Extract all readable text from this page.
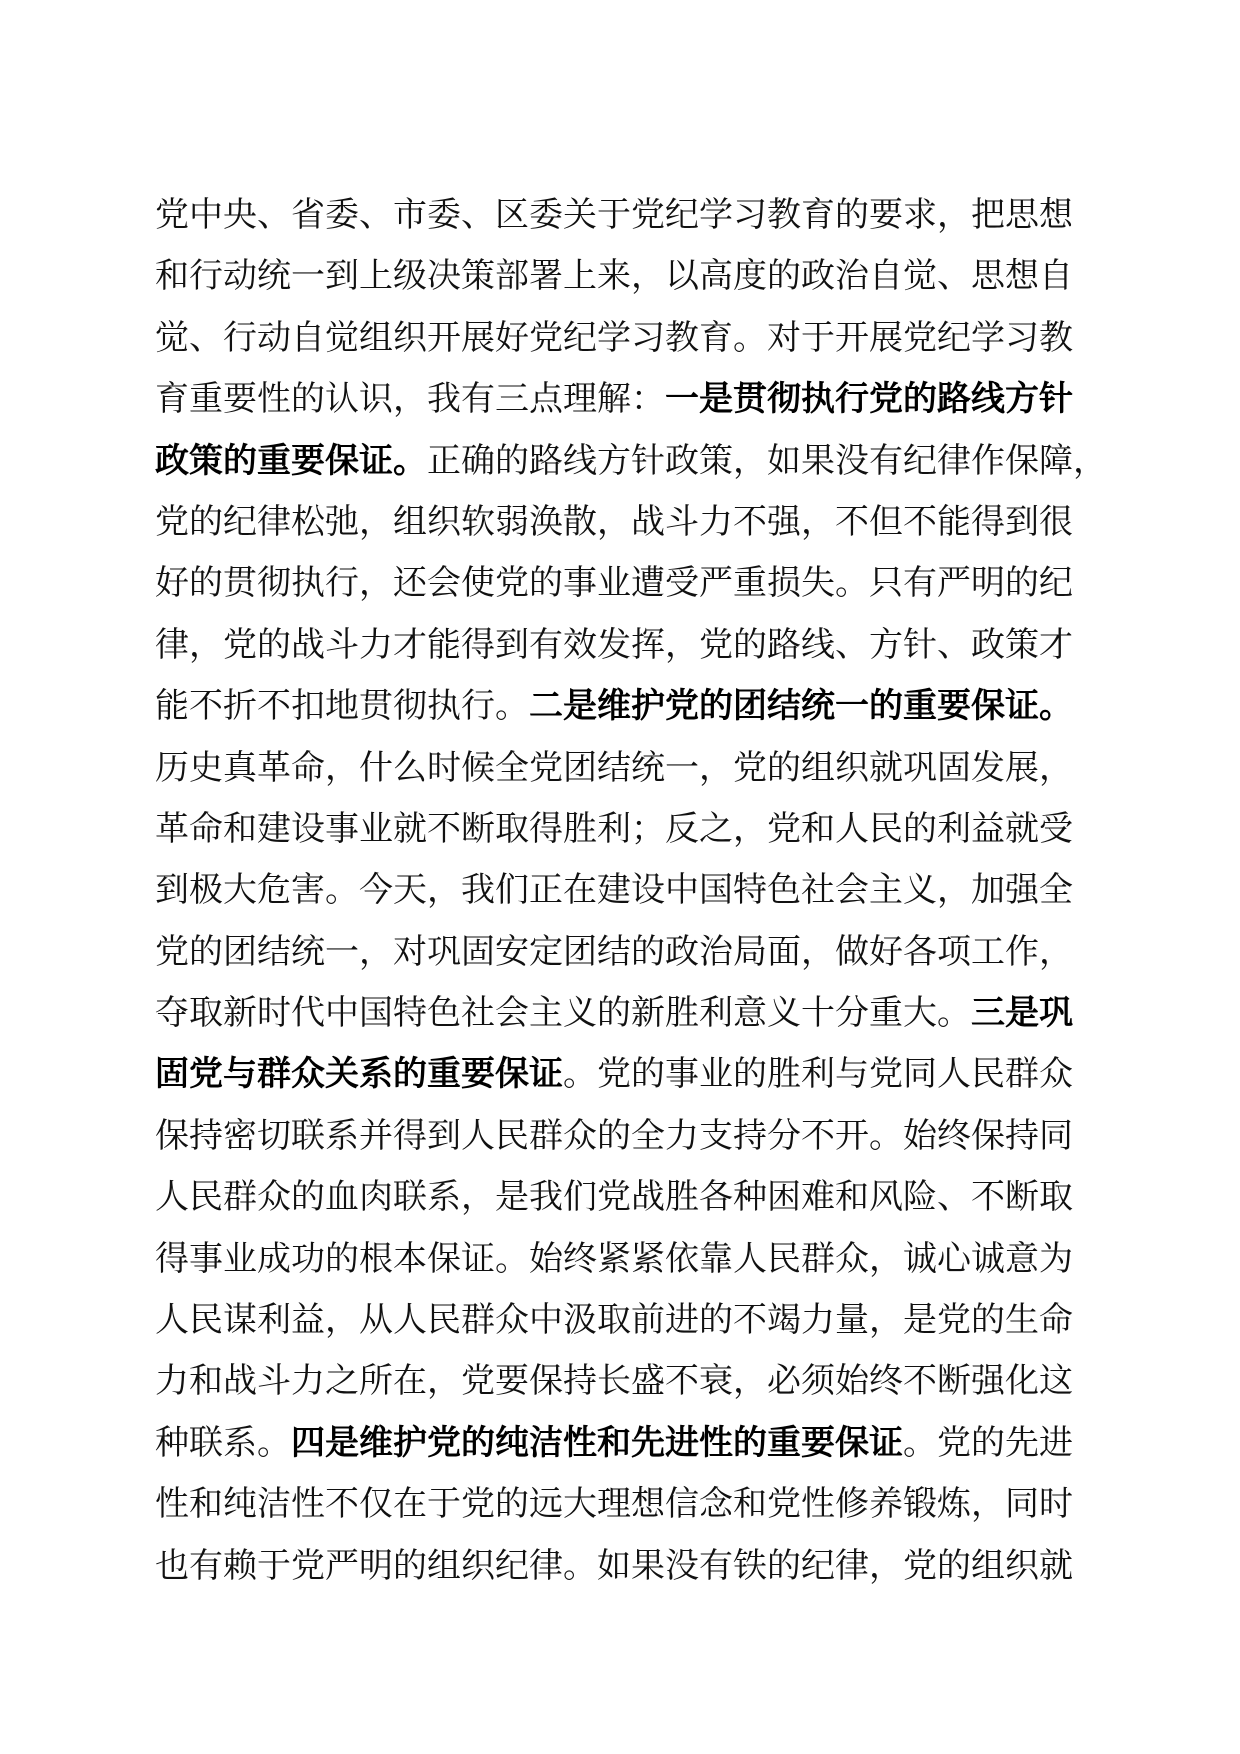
党中央、省委、市委、区委关于党纪学习教育的要求，把思想
和行动统一到上级决策部署上来，以高度的政治自觉、思想自
觉、行动自觉组织开展好党纪学习教育。对于开展党纪学习教
育重要性的认识，我有三点理解：一是贯彻执行党的路线方针
政策的重要保证。正确的路线方针政策，如果没有纪律作保障，
党的纪律松弛，组织软弱涣散，战斗力不强，不但不能得到很
好的贯彻执行，还会使党的事业遭受严重损失。只有严明的纪
律，党的战斗力才能得到有效发挥，党的路线、方针、政策才
能不折不扣地贯彻执行。二是维护党的团结统一的重要保证。
历史真革命，什么时候全党团结统一，党的组织就巩固发展，
革命和建设事业就不断取得胜利；反之，党和人民的利益就受
到极大危害。今天，我们正在建设中国特色社会主义，加强全
党的团结统一，对巩固安定团结的政治局面，做好各项工作，
夺取新时代中国特色社会主义的新胜利意义十分重大。三是巩
固党与群众关系的重要保证。党的事业的胜利与党同人民群众
保持密切联系并得到人民群众的全力支持分不开。始终保持同
人民群众的血肉联系，是我们党战胜各种困难和风险、不断取
得事业成功的根本保证。始终紧紧依靠人民群众，诚心诚意为
人民谋利益，从人民群众中汲取前进的不竭力量，是党的生命
力和战斗力之所在，党要保持长盛不衰，必须始终不断强化这
种联系。四是维护党的纯洁性和先进性的重要保证。党的先进
性和纯洁性不仅在于党的远大理想信念和党性修养锻炼，同时
也有赖于党严明的组织纪律。如果没有铁的纪律，党的组织就
